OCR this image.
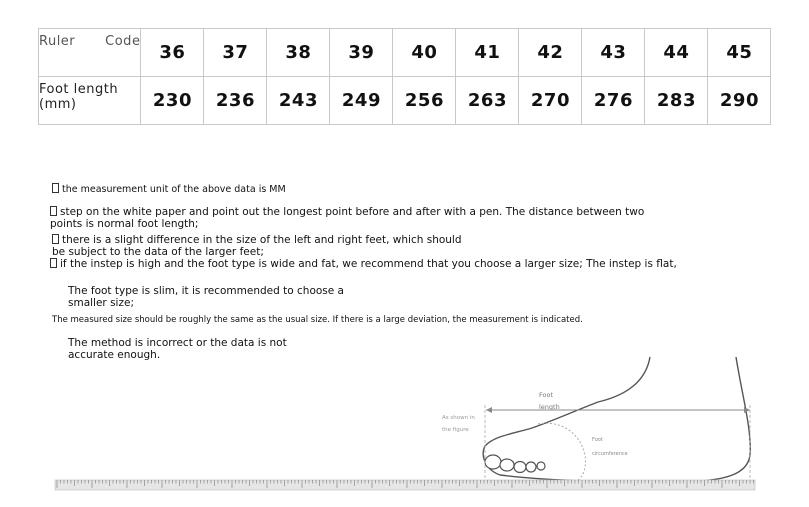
Ruler Code	36	37	38	39	40	41	42	43	44	45

Foot length
(mm)	230	236	243	249	256	263	270	276	283	290
the measurement unit of the above data is MM
step on the white paper and point out the longest point before and after with a pen. The distance between two
points is normal foot length;
there is a slight difference in the size of the left and right feet, which should
be subject to the data of the larger feet;
if the instep is high and the foot type is wide and fat, we recommend that you choose a larger size; The instep is flat,
The foot type is slim, it is recommended to choose a
smaller size;
The measured size should be roughly the same as the usual size. If there is a large deviation, the measurement is indicated.
The method is incorrect or the data is not
accurate enough.
Foot
length
As shown in
the figure
Foot
circumference
